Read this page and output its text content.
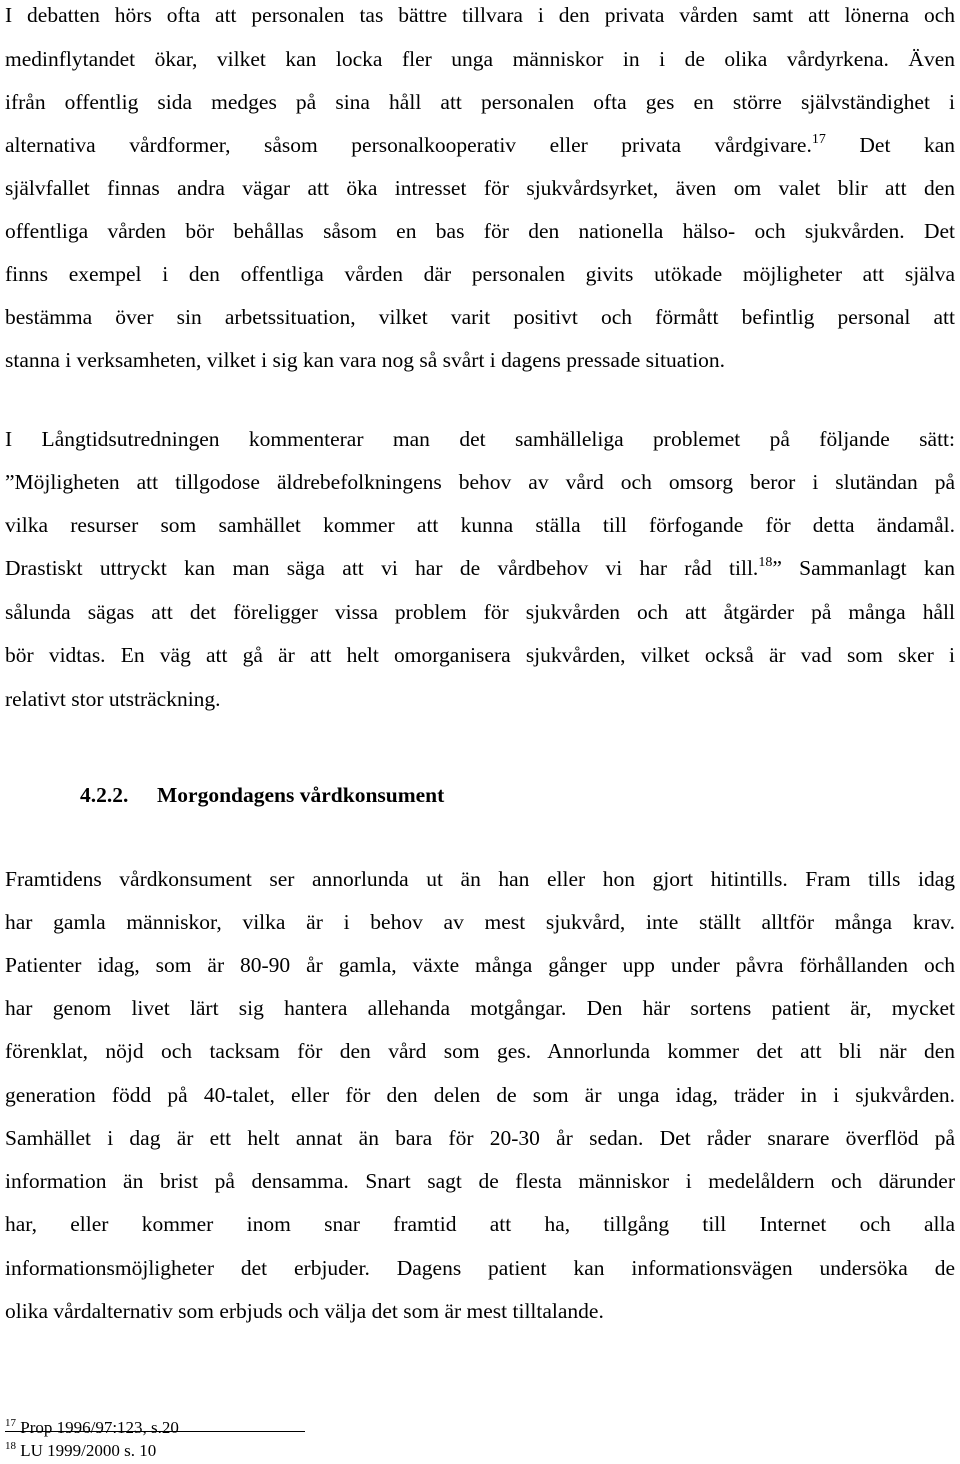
I debatten hörs ofta att personalen tas bättre tillvara i den privata vården samt att lönerna och
medinflytandet ökar, vilket kan locka fler unga människor in i de olika vårdyrkena. Även
ifrån offentlig sida medges på sina håll att personalen ofta ges en större självständighet i
alternativa vårdformer, såsom personalkooperativ eller privata vårdgivare.$^{17}$ Det kan
självfallet finnas andra vägar att öka intresset för sjukvårdsyrket, även om valet blir att den
offentliga vården bör behållas såsom en bas för den nationella hälso- och sjukvården. Det
finns exempel i den offentliga vården där personalen givits utökade möjligheter att själva
bestämma över sin arbetssituation, vilket varit positivt och förmått befintlig personal att
stanna i verksamheten, vilket i sig kan vara nog så svårt i dagens pressade situation.
I Långtidsutredningen kommenterar man det samhälleliga problemet på följande sätt:
”Möjligheten att tillgodose äldrebefolkningens behov av vård och omsorg beror i slutändan på
vilka resurser som samhället kommer att kunna ställa till förfogande för detta ändamål.
Drastiskt uttryckt kan man säga att vi har de vårdbehov vi har råd till.$^{18}$” Sammanlagt kan
sålunda sägas att det föreligger vissa problem för sjukvården och att åtgärder på många håll
bör vidtas. En väg att gå är att helt omorganisera sjukvården, vilket också är vad som sker i
relativt stor utsträckning.
4.2.2. Morgondagens vårdkonsument
Framtidens vårdkonsument ser annorlunda ut än han eller hon gjort hitintills. Fram tills idag
har gamla människor, vilka är i behov av mest sjukvård, inte ställt alltför många krav.
Patienter idag, som är 80-90 år gamla, växte många gånger upp under påvra förhållanden och
har genom livet lärt sig hantera allehanda motgångar. Den här sortens patient är, mycket
förenklat, nöjd och tacksam för den vård som ges. Annorlunda kommer det att bli när den
generation född på 40-talet, eller för den delen de som är unga idag, träder in i sjukvården.
Samhället i dag är ett helt annat än bara för 20-30 år sedan. Det råder snarare överflöd på
information än brist på densamma. Snart sagt de flesta människor i medelåldern och därunder
har, eller kommer inom snar framtid att ha, tillgång till Internet och alla
informationsmöjligheter det erbjuder. Dagens patient kan informationsvägen undersöka de
olika vårdalternativ som erbjuds och välja det som är mest tilltalande.
$^{17}$ Prop 1996/97:123, s.20
$^{18}$ LU 1999/2000 s. 10
